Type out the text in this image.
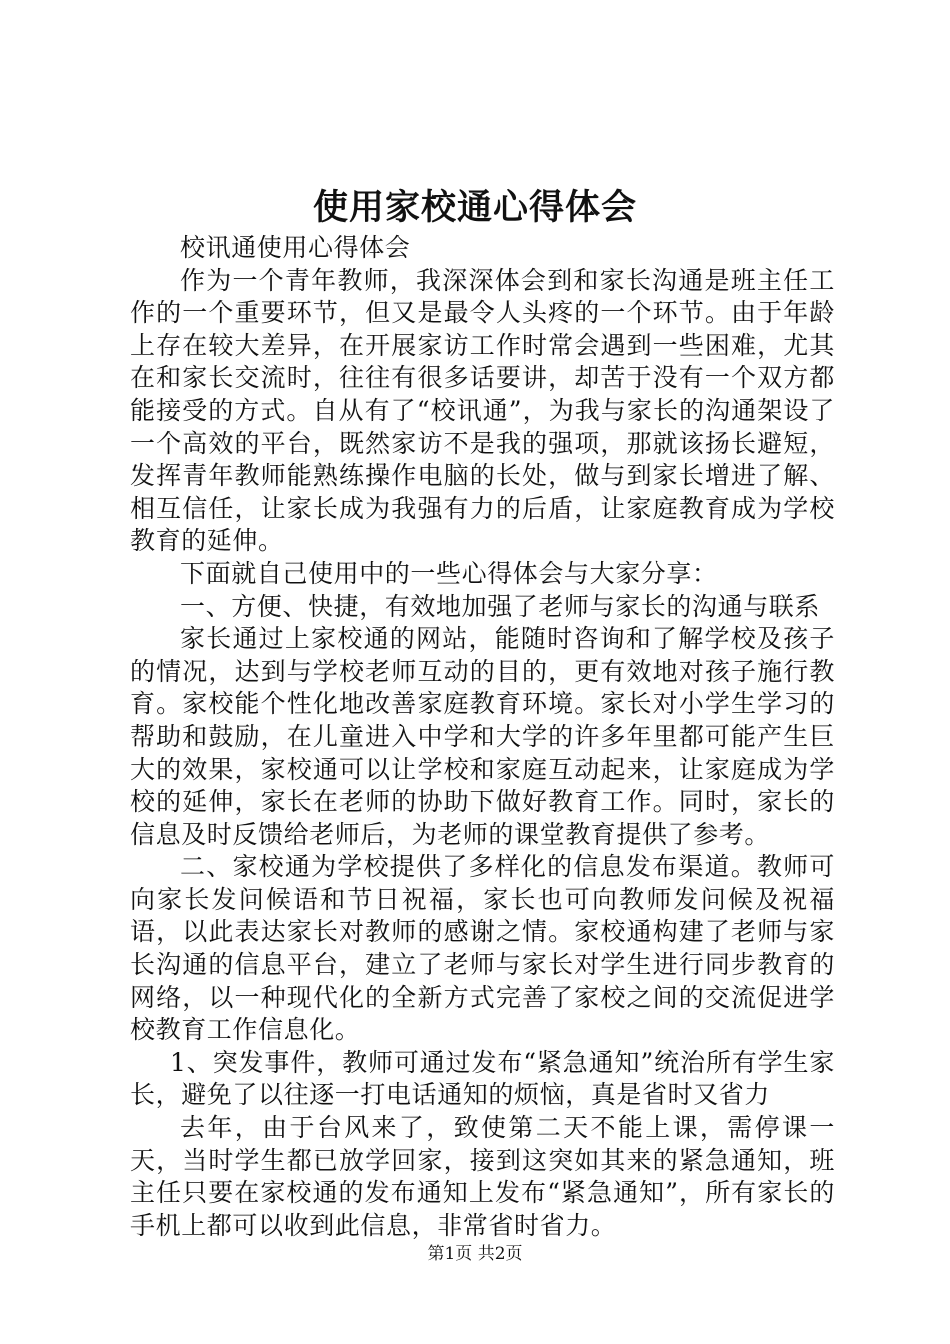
使用家校通心得体会

校讯通使用心得体会

作为一个青年教师，我深深体会到和家长沟通是班主任工作的一个重要环节，但又是最令人头疼的一个环节。由于年龄上存在较大差异，在开展家访工作时常会遇到一些困难，尤其在和家长交流时，往往有很多话要讲，却苦于没有一个双方都能接受的方式。自从有了“校讯通”，为我与家长的沟通架设了一个高效的平台，既然家访不是我的强项，那就该扬长避短，发挥青年教师能熟练操作电脑的长处，做与到家长增进了解、相互信任，让家长成为我强有力的后盾，让家庭教育成为学校教育的延伸。

下面就自己使用中的一些心得体会与大家分享：

一、方便、快捷，有效地加强了老师与家长的沟通与联系

家长通过上家校通的网站，能随时咨询和了解学校及孩子的情况，达到与学校老师互动的目的，更有效地对孩子施行教育。家校能个性化地改善家庭教育环境。家长对小学生学习的帮助和鼓励，在儿童进入中学和大学的许多年里都可能产生巨大的效果，家校通可以让学校和家庭互动起来，让家庭成为学校的延伸，家长在老师的协助下做好教育工作。同时，家长的信息及时反馈给老师后，为老师的课堂教育提供了参考。

二、家校通为学校提供了多样化的信息发布渠道。教师可向家长发问候语和节日祝福，家长也可向教师发问候及祝福语，以此表达家长对教师的感谢之情。家校通构建了老师与家长沟通的信息平台，建立了老师与家长对学生进行同步教育的网络，以一种现代化的全新方式完善了家校之间的交流促进学校教育工作信息化。

1、突发事件，教师可通过发布“紧急通知”统治所有学生家长，避免了以往逐一打电话通知的烦恼，真是省时又省力

去年，由于台风来了，致使第二天不能上课，需停课一天，当时学生都已放学回家，接到这突如其来的紧急通知，班主任只要在家校通的发布通知上发布“紧急通知”，所有家长的手机上都可以收到此信息，非常省时省力。

第1页 共2页
